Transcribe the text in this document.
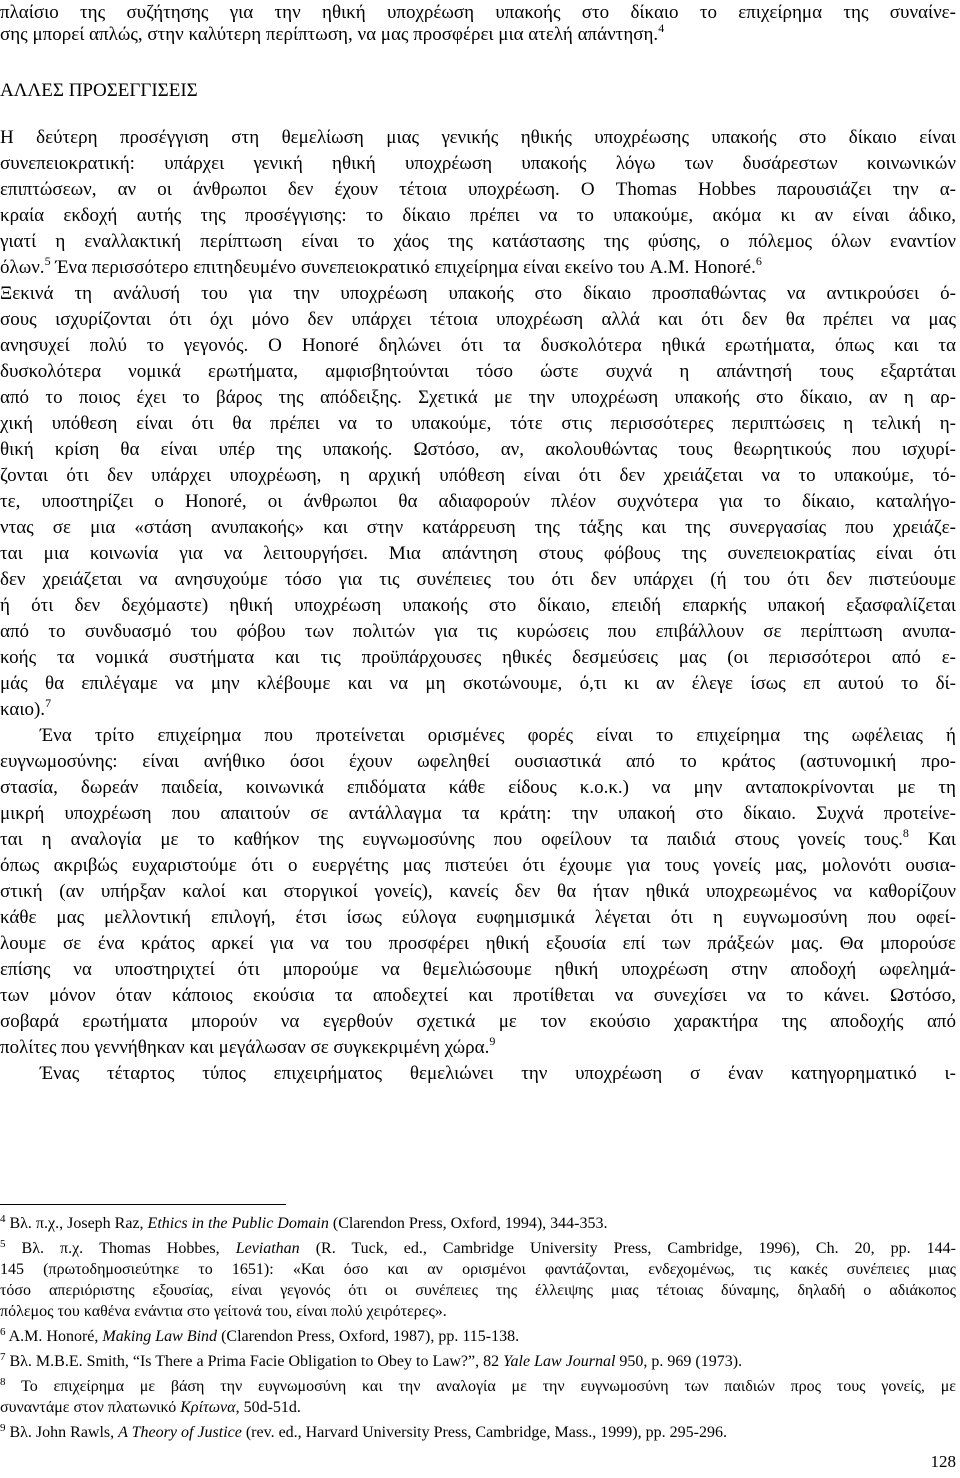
πλαίσιο της συζήτησης για την ηθική υποχρέωση υπακοής στο δίκαιο το επιχείρημα της συναίνε-
σης μπορεί απλώς, στην καλύτερη περίπτωση, να μας προσφέρει μια ατελή απάντηση.$^4$
ΑΛΛΕΣ ΠΡΟΣΕΓΓΙΣΕΙΣ
Η δεύτερη προσέγγιση στη θεμελίωση μιας γενικής ηθικής υποχρέωσης υπακοής στο δίκαιο είναι
συνεπειοκρατική: υπάρχει γενική ηθική υποχρέωση υπακοής λόγω των δυσάρεστων κοινωνικών
επιπτώσεων, αν οι άνθρωποι δεν έχουν τέτοια υποχρέωση. Ο Thomas Hobbes παρουσιάζει την α-
κραία εκδοχή αυτής της προσέγγισης: το δίκαιο πρέπει να το υπακούμε, ακόμα κι αν είναι άδικο,
γιατί η εναλλακτική περίπτωση είναι το χάος της κατάστασης της φύσης, ο πόλεμος όλων εναντίον
όλων.$^5$ Ένα περισσότερο επιτηδευμένο συνεπειοκρατικό επιχείρημα είναι εκείνο του A.M. Honoré.$^6$
Ξεκινά τη ανάλυσή του για την υποχρέωση υπακοής στο δίκαιο προσπαθώντας να αντικρούσει ό-
σους ισχυρίζονται ότι όχι μόνο δεν υπάρχει τέτοια υποχρέωση αλλά και ότι δεν θα πρέπει να μας
ανησυχεί πολύ το γεγονός. Ο Honoré δηλώνει ότι τα δυσκολότερα ηθικά ερωτήματα, όπως και τα
δυσκολότερα νομικά ερωτήματα, αμφισβητούνται τόσο ώστε συχνά η απάντησή τους εξαρτάται
από το ποιος έχει το βάρος της απόδειξης. Σχετικά με την υποχρέωση υπακοής στο δίκαιο, αν η αρ-
χική υπόθεση είναι ότι θα πρέπει να το υπακούμε, τότε στις περισσότερες περιπτώσεις η τελική η-
θική κρίση θα είναι υπέρ της υπακοής. Ωστόσο, αν, ακολουθώντας τους θεωρητικούς που ισχυρί-
ζονται ότι δεν υπάρχει υποχρέωση, η αρχική υπόθεση είναι ότι δεν χρειάζεται να το υπακούμε, τό-
τε, υποστηρίζει ο Honoré, οι άνθρωποι θα αδιαφορούν πλέον συχνότερα για το δίκαιο, καταλήγο-
ντας σε μια «στάση ανυπακοής» και στην κατάρρευση της τάξης και της συνεργασίας που χρειάζε-
ται μια κοινωνία για να λειτουργήσει. Μια απάντηση στους φόβους της συνεπειοκρατίας είναι ότι
δεν χρειάζεται να ανησυχούμε τόσο για τις συνέπειες του ότι δεν υπάρχει (ή του ότι δεν πιστεύουμε
ή ότι δεν δεχόμαστε) ηθική υποχρέωση υπακοής στο δίκαιο, επειδή επαρκής υπακοή εξασφαλίζεται
από το συνδυασμό του φόβου των πολιτών για τις κυρώσεις που επιβάλλουν σε περίπτωση ανυπα-
κοής τα νομικά συστήματα και τις προϋπάρχουσες ηθικές δεσμεύσεις μας (οι περισσότεροι από ε-
μάς θα επιλέγαμε να μην κλέβουμε και να μη σκοτώνουμε, ό,τι κι αν έλεγε ίσως επ αυτού το δί-
καιο).$^7$
Ένα τρίτο επιχείρημα που προτείνεται ορισμένες φορές είναι το επιχείρημα της ωφέλειας ή
ευγνωμοσύνης: είναι ανήθικο όσοι έχουν ωφεληθεί ουσιαστικά από το κράτος (αστυνομική προ-
στασία, δωρεάν παιδεία, κοινωνικά επιδόματα κάθε είδους κ.ο.κ.) να μην ανταποκρίνονται με τη
μικρή υποχρέωση που απαιτούν σε αντάλλαγμα τα κράτη: την υπακοή στο δίκαιο. Συχνά προτείνε-
ται η αναλογία με το καθήκον της ευγνωμοσύνης που οφείλουν τα παιδιά στους γονείς τους.$^8$ Και
όπως ακριβώς ευχαριστούμε ότι ο ευεργέτης μας πιστεύει ότι έχουμε για τους γονείς μας, μολονότι ουσια-
στική (αν υπήρξαν καλοί και στοργικοί γονείς), κανείς δεν θα ήταν ηθικά υποχρεωμένος να καθορίζουν
κάθε μας μελλοντική επιλογή, έτσι ίσως εύλογα ευφημισμικά λέγεται ότι η ευγνωμοσύνη που οφεί-
λουμε σε ένα κράτος αρκεί για να του προσφέρει ηθική εξουσία επί των πράξεών μας. Θα μπορούσε
επίσης να υποστηριχτεί ότι μπορούμε να θεμελιώσουμε ηθική υποχρέωση στην αποδοχή ωφελημά-
των μόνον όταν κάποιος εκούσια τα αποδεχτεί και προτίθεται να συνεχίσει να το κάνει. Ωστόσο,
σοβαρά ερωτήματα μπορούν να εγερθούν σχετικά με τον εκούσιο χαρακτήρα της αποδοχής από
πολίτες που γεννήθηκαν και μεγάλωσαν σε συγκεκριμένη χώρα.$^9$
Ένας τέταρτος τύπος επιχειρήματος θεμελιώνει την υποχρέωση σ έναν κατηγορηματικό ι-
$^4$ Βλ. π.χ., Joseph Raz, Ethics in the Public Domain (Clarendon Press, Oxford, 1994), 344-353.
$^5$ Βλ. π.χ. Thomas Hobbes, Leviathan (R. Tuck, ed., Cambridge University Press, Cambridge, 1996), Ch. 20, pp. 144-
145 (πρωτοδημοσιεύτηκε το 1651): «Και όσο και αν ορισμένοι φαντάζονται, ενδεχομένως, τις κακές συνέπειες μιας
τόσο απεριόριστης εξουσίας, είναι γεγονός ότι οι συνέπειες της έλλειψης μιας τέτοιας δύναμης, δηλαδή ο αδιάκοπος
πόλεμος του καθένα ενάντια στο γείτονά του, είναι πολύ χειρότερες».
$^6$ A.M. Honoré, Making Law Bind (Clarendon Press, Oxford, 1987), pp. 115-138.
$^7$ Βλ. M.B.E. Smith, “Is There a Prima Facie Obligation to Obey to Law?”, 82 Yale Law Journal 950, p. 969 (1973).
$^8$ Το επιχείρημα με βάση την ευγνωμοσύνη και την αναλογία με την ευγνωμοσύνη των παιδιών προς τους γονείς, με
συναντάμε στον πλατωνικό Κρίτωνα, 50d-51d.
$^9$ Βλ. John Rawls, A Theory of Justice (rev. ed., Harvard University Press, Cambridge, Mass., 1999), pp. 295-296.
128
